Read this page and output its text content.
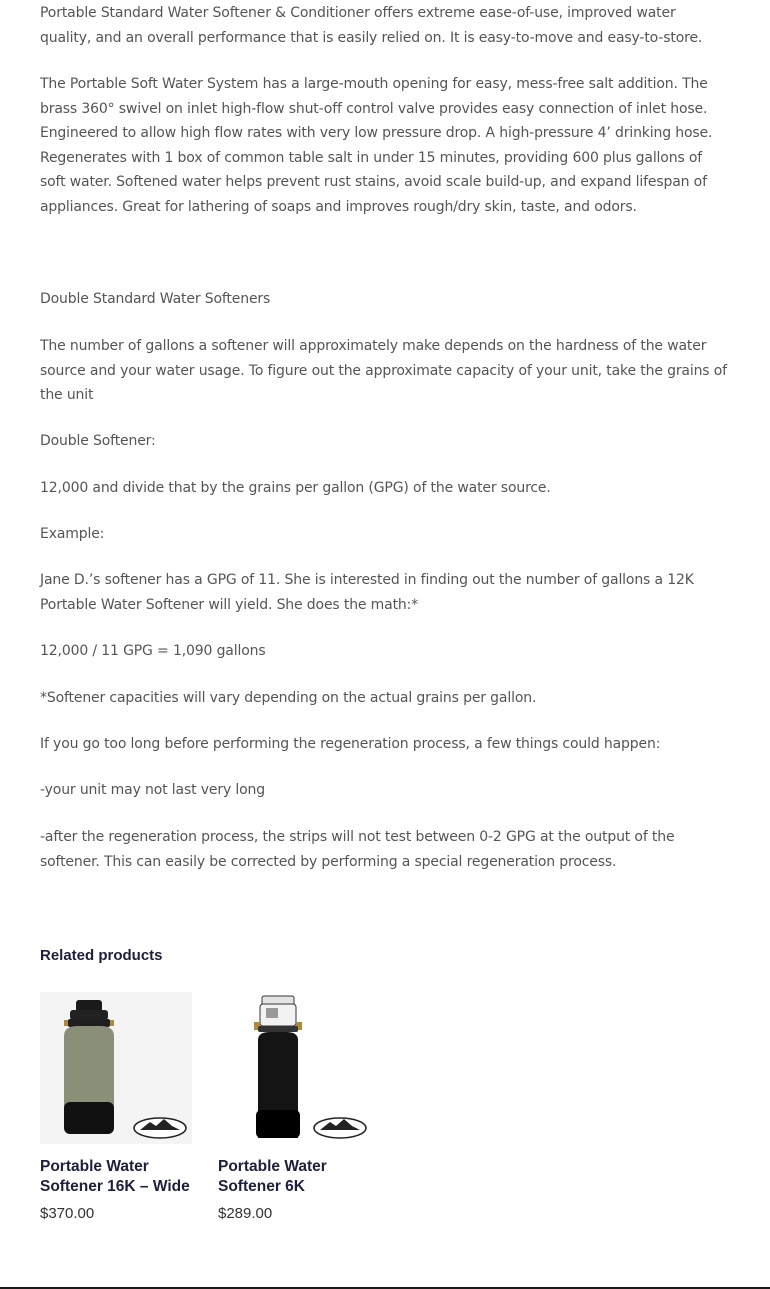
Portable Standard Water Softener & Conditioner offers extreme ease-of-use, improved water quality, and an overall performance that is easily relied on. It is easy-to-move and easy-to-store.

The Portable Soft Water System has a large-mouth opening for easy, mess-free salt addition. The brass 360° swivel on inlet high-flow shut-off control valve provides easy connection of inlet hose. Engineered to allow high flow rates with very low pressure drop. A high-pressure 4’ drinking hose. Regenerates with 1 box of common table salt in under 15 minutes, providing 600 plus gallons of soft water. Softened water helps prevent rust stains, avoid scale build-up, and expand lifespan of appliances. Great for lathering of soaps and improves rough/dry skin, taste, and odors.

Double Standard Water Softeners

The number of gallons a softener will approximately make depends on the hardness of the water source and your water usage. To figure out the approximate capacity of your unit, take the grains of the unit

Double Softener:

12,000 and divide that by the grains per gallon (GPG) of the water source.

Example:

Jane D.’s softener has a GPG of 11. She is interested in finding out the number of gallons a 12K Portable Water Softener will yield. She does the math:*

12,000 / 11 GPG = 1,090 gallons

*Softener capacities will vary depending on the actual grains per gallon.

If you go too long before performing the regeneration process, a few things could happen:

-your unit may not last very long

-after the regeneration process, the strips will not test between 0-2 GPG at the output of the softener. This can easily be corrected by performing a special regeneration process.

Related products
Portable Water Softener 16K – Wide

$370.00

Portable Water Softener 6K

$289.00
